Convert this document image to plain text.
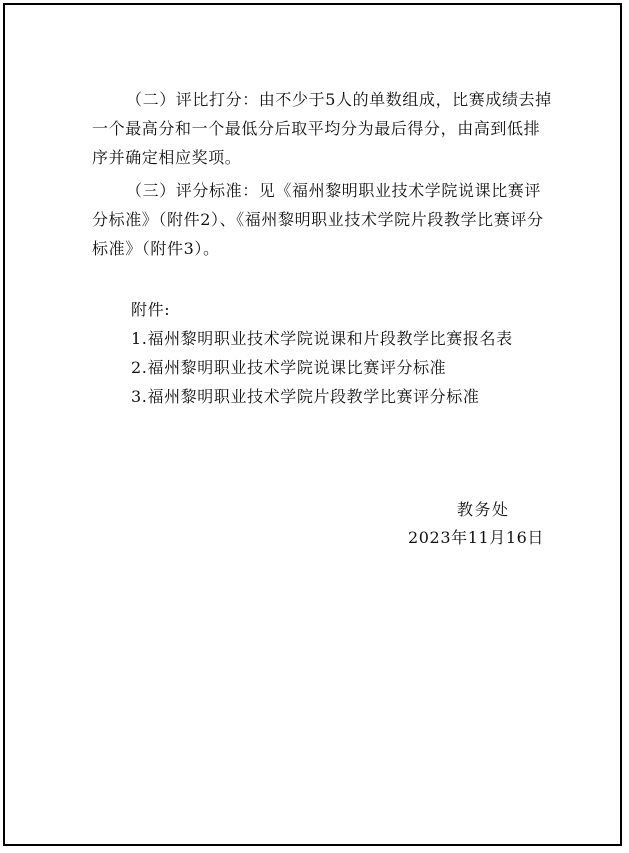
（二）评比打分：由不少于5人的单数组成，比赛成绩去掉一个最高分和一个最低分后取平均分为最后得分，由高到低排序并确定相应奖项。

（三）评分标准：见《福州黎明职业技术学院说课比赛评分标准》（附件2）、《福州黎明职业技术学院片段教学比赛评分标准》（附件3）。

附件:

1.福州黎明职业技术学院说课和片段教学比赛报名表
2.福州黎明职业技术学院说课比赛评分标准
3.福州黎明职业技术学院片段教学比赛评分标准
教务处
2023年11月16日
